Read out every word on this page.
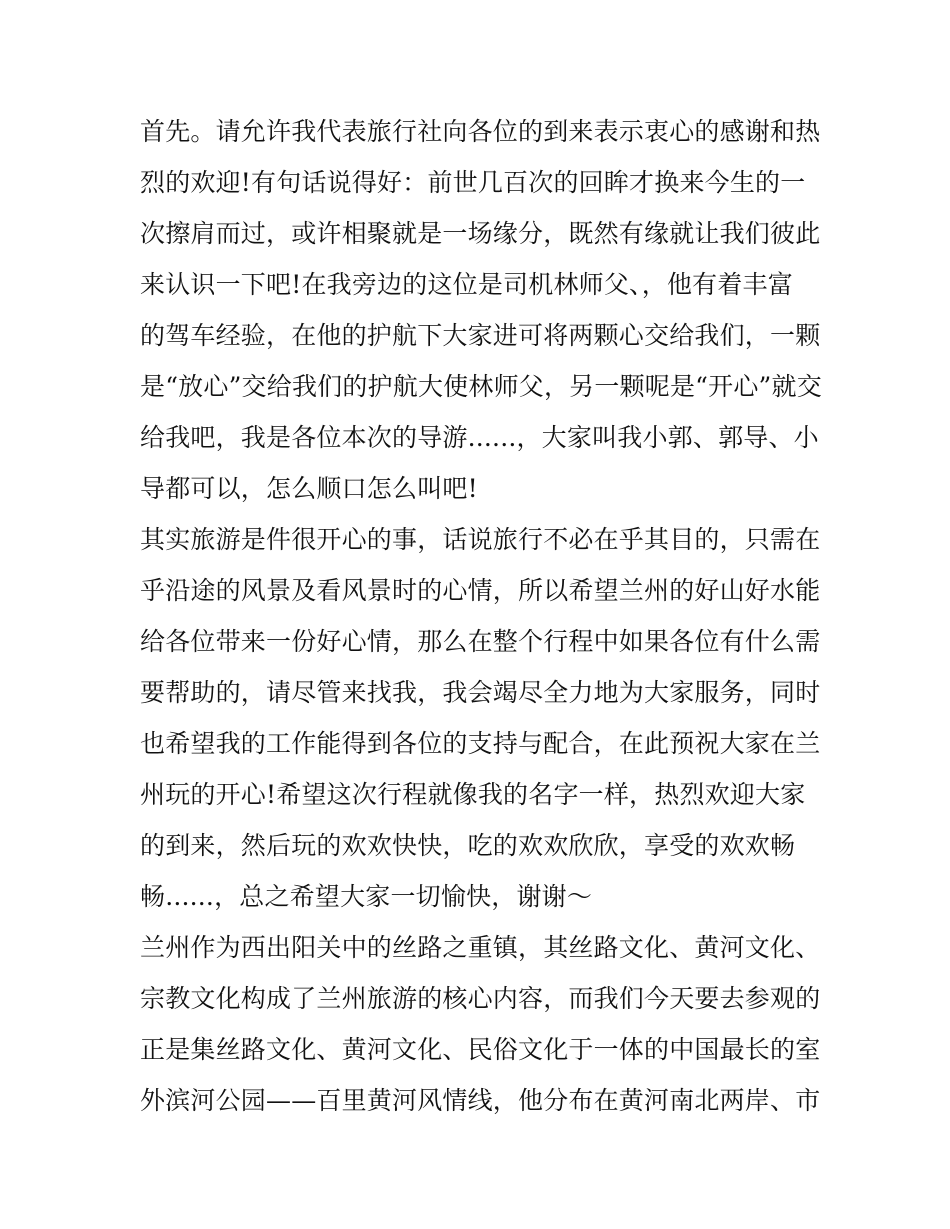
首先。请允许我代表旅行社向各位的到来表示衷心的感谢和热
烈的欢迎!有句话说得好：前世几百次的回眸才换来今生的一
次擦肩而过，或许相聚就是一场缘分，既然有缘就让我们彼此
来认识一下吧!在我旁边的这位是司机林师父、，他有着丰富
的驾车经验，在他的护航下大家进可将两颗心交给我们，一颗
是“放心”交给我们的护航大使林师父，另一颗呢是“开心”就交
给我吧，我是各位本次的导游......，大家叫我小郭、郭导、小
导都可以，怎么顺口怎么叫吧!
其实旅游是件很开心的事，话说旅行不必在乎其目的，只需在
乎沿途的风景及看风景时的心情，所以希望兰州的好山好水能
给各位带来一份好心情，那么在整个行程中如果各位有什么需
要帮助的，请尽管来找我，我会竭尽全力地为大家服务，同时
也希望我的工作能得到各位的支持与配合，在此预祝大家在兰
州玩的开心!希望这次行程就像我的名字一样，热烈欢迎大家
的到来，然后玩的欢欢快快，吃的欢欢欣欣，享受的欢欢畅
畅......，总之希望大家一切愉快，谢谢～
兰州作为西出阳关中的丝路之重镇，其丝路文化、黄河文化、
宗教文化构成了兰州旅游的核心内容，而我们今天要去参观的
正是集丝路文化、黄河文化、民俗文化于一体的中国最长的室
外滨河公园——百里黄河风情线，他分布在黄河南北两岸、市
